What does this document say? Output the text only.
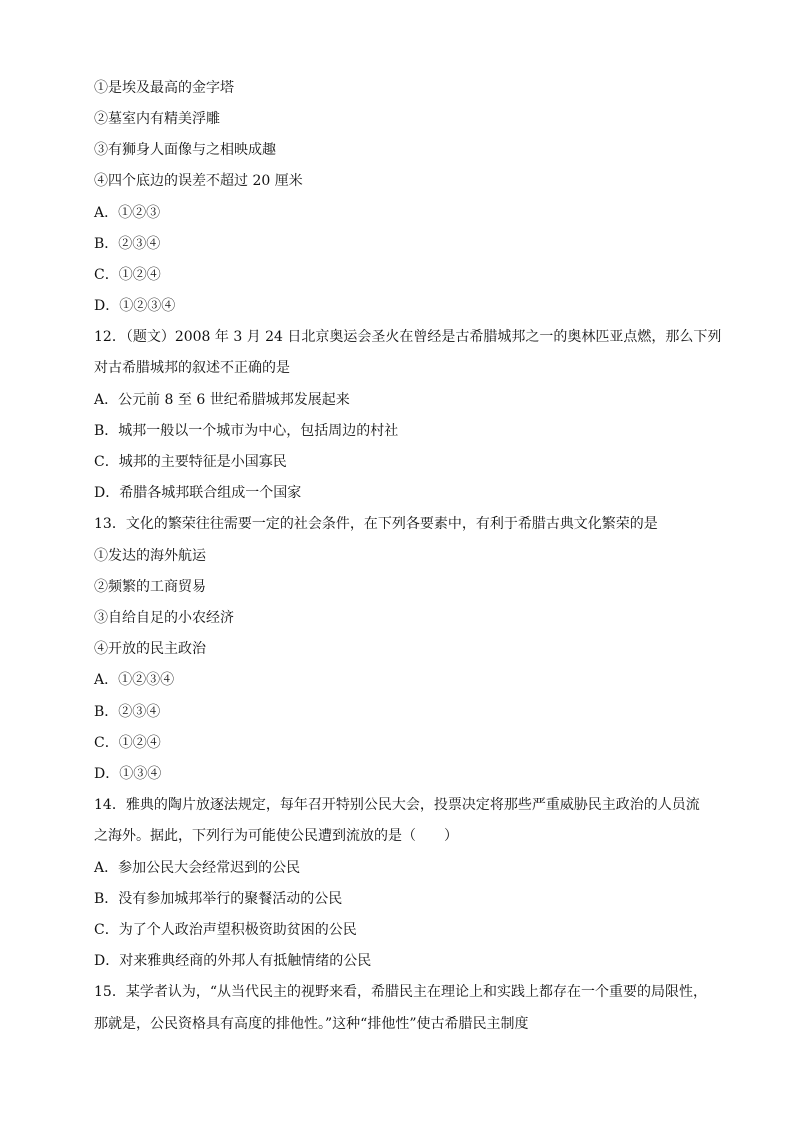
①是埃及最高的金字塔
②墓室内有精美浮雕
③有狮身人面像与之相映成趣
④四个底边的误差不超过 20 厘米
A．①②③
B．②③④
C．①②④
D．①②③④
12．（题文）2008 年 3 月 24 日北京奥运会圣火在曾经是古希腊城邦之一的奥林匹亚点燃，那么下列
对古希腊城邦的叙述不正确的是
A．公元前 8 至 6 世纪希腊城邦发展起来
B．城邦一般以一个城市为中心，包括周边的村社
C．城邦的主要特征是小国寡民
D．希腊各城邦联合组成一个国家
13．文化的繁荣往往需要一定的社会条件，在下列各要素中，有利于希腊古典文化繁荣的是
①发达的海外航运
②频繁的工商贸易
③自给自足的小农经济
④开放的民主政治
A．①②③④
B．②③④
C．①②④
D．①③④
14．雅典的陶片放逐法规定，每年召开特别公民大会，投票决定将那些严重威胁民主政治的人员流
之海外。据此，下列行为可能使公民遭到流放的是（　　）
A．参加公民大会经常迟到的公民
B．没有参加城邦举行的聚餐活动的公民
C．为了个人政治声望积极资助贫困的公民
D．对来雅典经商的外邦人有抵触情绪的公民
15．某学者认为，“从当代民主的视野来看，希腊民主在理论上和实践上都存在一个重要的局限性，
那就是，公民资格具有高度的排他性。”这种“排他性”使古希腊民主制度
